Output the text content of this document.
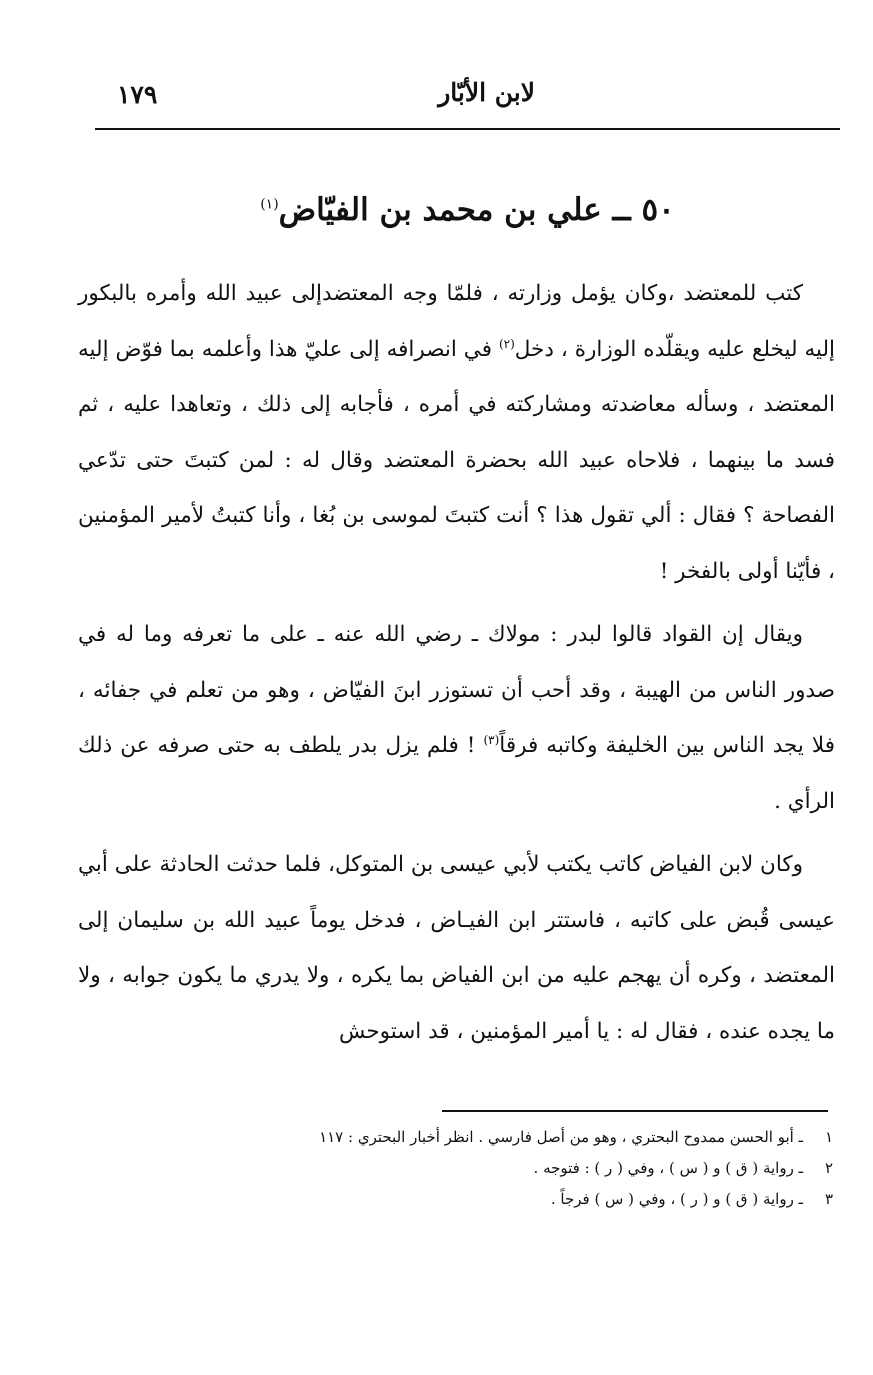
لابن الأبّار
١٧٩
٥٠ ــ علي بن محمد بن الفيّاض$^{(١)}$

كتب للمعتضد ،وكان يؤمل وزارته ، فلمّا وجه المعتضدإلى عبيد الله وأمره بالبكور إليه ليخلع عليه ويقلّده الوزارة ، دخل$^{(٢)}$ في انصرافه إلى عليّ هذا وأعلمه بما فوّض إليه المعتضد ، وسأله معاضدته ومشاركته في أمره ، فأجابه إلى ذلك ، وتعاهدا عليه ، ثم فسد ما بينهما ، فلاحاه عبيد الله بحضرة المعتضد وقال له : لمن كتبتَ حتى تدّعي الفصاحة ؟ فقال : ألي تقول هذا ؟ أنت كتبتَ لموسى بن بُغا ، وأنا كتبتُ لأمير المؤمنين ، فأيّنا أولى بالفخر !

ويقال إن القواد قالوا لبدر : مولاك ـ رضي الله عنه ـ على ما تعرفه وما له في صدور الناس من الهيبة ، وقد أحب أن تستوزر ابنَ الفيّاض ، وهو من تعلم في جفائه ، فلا يجد الناس بين الخليفة وكاتبه فرقاً$^{(٣)}$ ! فلم يزل بدر يلطف به حتى صرفه عن ذلك الرأي .

وكان لابن الفياض كاتب يكتب لأبي عيسى بن المتوكل، فلما حدثت الحادثة على أبي عيسى قُبض على كاتبه ، فاستتر ابن الفيـاض ، فدخل يوماً عبيد الله بن سليمان إلى المعتضد ، وكره أن يهجم عليه من ابن الفياض بما يكره ، ولا يدري ما يكون جوابه ، ولا ما يجده عنده ، فقال له : يا أمير المؤمنين ، قد استوحش

١ـ أبو الحسن ممدوح البحتري ، وهو من أصل فارسي . انظر أخبار البحتري : ١١٧
٢ـ رواية ( ق ) و ( س ) ، وفي ( ر ) : فتوجه .
٣ـ رواية ( ق ) و ( ر ) ، وفي ( س ) فرجاً .
